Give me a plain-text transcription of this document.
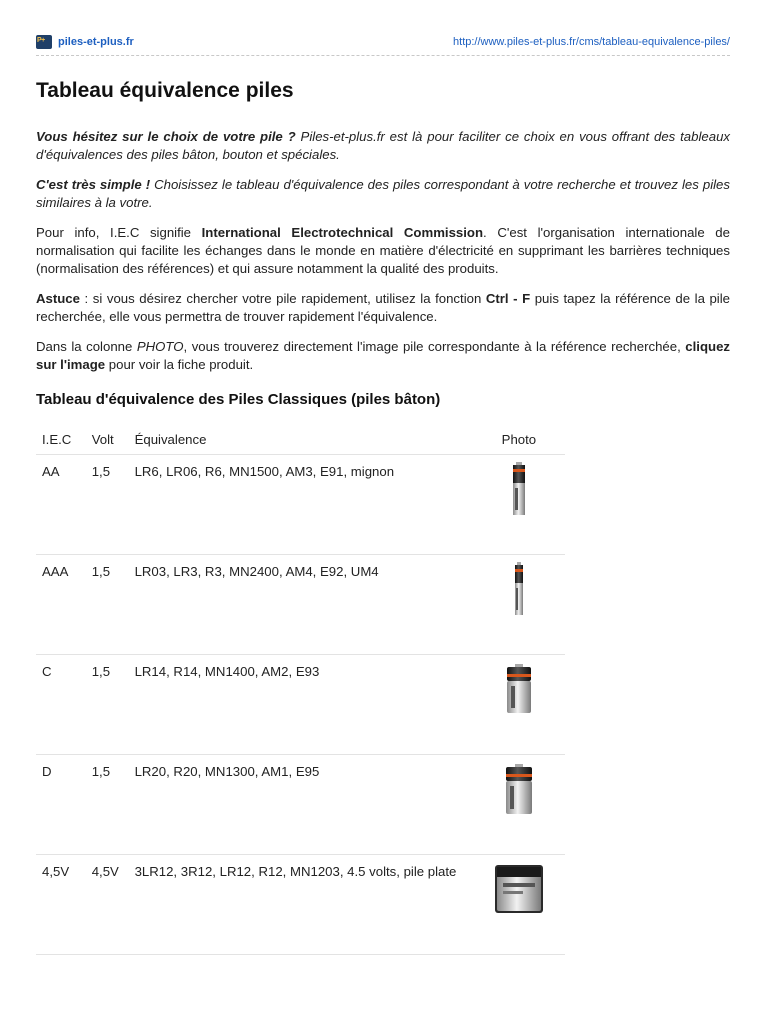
P+ piles-et-plus.fr	http://www.piles-et-plus.fr/cms/tableau-equivalence-piles/
Tableau équivalence piles

Vous hésitez sur le choix de votre pile ? Piles-et-plus.fr est là pour faciliter ce choix en vous offrant des tableaux d'équivalences des piles bâton, bouton et spéciales.

C'est très simple ! Choisissez le tableau d'équivalence des piles correspondant à votre recherche et trouvez les piles similaires à la votre.

Pour info, I.E.C signifie International Electrotechnical Commission. C'est l'organisation internationale de normalisation qui facilite les échanges dans le monde en matière d'électricité en supprimant les barrières techniques (normalisation des références) et qui assure notamment la qualité des produits.

Astuce : si vous désirez chercher votre pile rapidement, utilisez la fonction Ctrl - F puis tapez la référence de la pile recherchée, elle vous permettra de trouver rapidement l'équivalence.

Dans la colonne PHOTO, vous trouverez directement l'image pile correspondante à la référence recherchée, cliquez sur l'image pour voir la fiche produit.

Tableau d'équivalence des Piles Classiques (piles bâton)
I.E.C	Volt	Équivalence	Photo
AA	1,5	LR6, LR06, R6, MN1500, AM3, E91, mignon	
AAA	1,5	LR03, LR3, R3, MN2400, AM4, E92, UM4	
C	1,5	LR14, R14, MN1400, AM2, E93	
D	1,5	LR20, R20, MN1300, AM1, E95	
4,5V	4,5V	3LR12, 3R12, LR12, R12, MN1203, 4.5 volts, pile plate	
